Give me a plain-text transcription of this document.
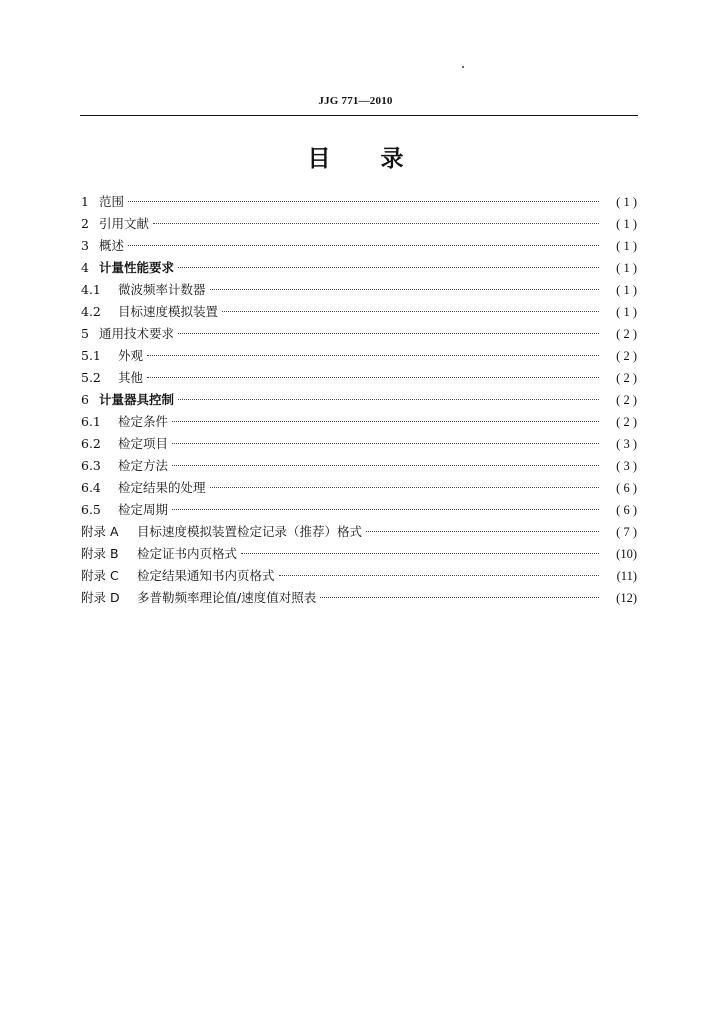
JJG 771—2010
目 录
1 范围	( 1 )
2 引用文献	( 1 )
3 概述	( 1 )
4 计量性能要求	( 1 )
4.1	微波频率计数器	( 1 )
4.2	目标速度模拟装置	( 1 )
5 通用技术要求	( 2 )
5.1	外观	( 2 )
5.2	其他	( 2 )
6 计量器具控制	( 2 )
6.1	检定条件	( 2 )
6.2	检定项目	( 3 )
6.3	检定方法	( 3 )
6.4	检定结果的处理	( 6 )
6.5	检定周期	( 6 )
附录 A	目标速度模拟装置检定记录（推荐）格式	( 7 )
附录 B	检定证书内页格式	(10)
附录 C	检定结果通知书内页格式	(11)
附录 D	多普勒频率理论值/速度值对照表	(12)
